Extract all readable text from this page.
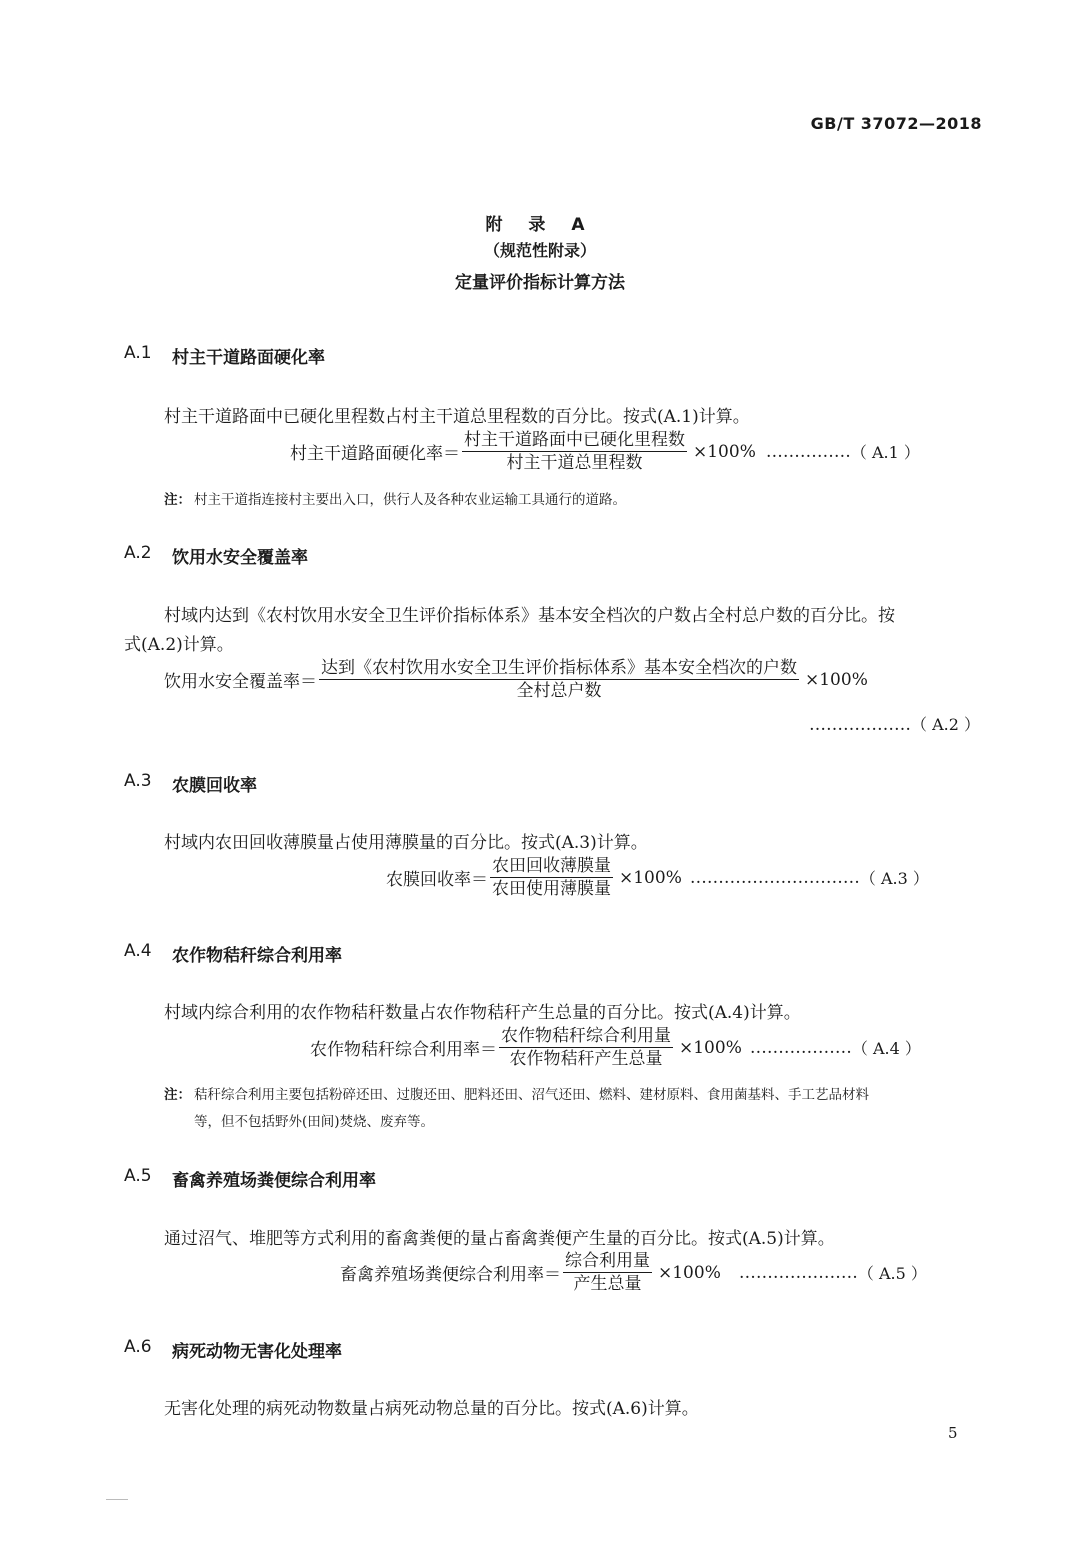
GB/T 37072—2018
附 录 A
（规范性附录）
定量评价指标计算方法
A.1 村主干道路面硬化率
村主干道路面中已硬化里程数占村主干道总里程数的百分比。按式(A.1)计算。
村主干道路面硬化率＝ $\frac{\text{村主干道路面中已硬化里程数}}{\text{村主干道总里程数}} \times 100\%$ …………… （ A.1 ）
注： 村主干道指连接村主要出入口，供行人及各种农业运输工具通行的道路。
A.2 饮用水安全覆盖率
村域内达到《农村饮用水安全卫生评价指标体系》基本安全档次的户数占全村总户数的百分比。按
式(A.2)计算。
饮用水安全覆盖率＝ $\frac{\text{达到《农村饮用水安全卫生评价指标体系》基本安全档次的户数}}{\text{全村总户数}} \times 100\%$
………………（ A.2 ）
A.3 农膜回收率
村域内农田回收薄膜量占使用薄膜量的百分比。按式(A.3)计算。
农膜回收率＝ $\frac{\text{农田回收薄膜量}}{\text{农田使用薄膜量}} \times 100\%$ ………………………… （ A.3 ）
A.4 农作物秸秆综合利用率
村域内综合利用的农作物秸秆数量占农作物秸秆产生总量的百分比。按式(A.4)计算。
农作物秸秆综合利用率＝ $\frac{\text{农作物秸秆综合利用量}}{\text{农作物秸秆产生总量}} \times 100\%$ ……………… （ A.4 ）
注： 秸秆综合利用主要包括粉碎还田、过腹还田、肥料还田、沼气还田、燃料、建材原料、食用菌基料、手工艺品材料
等，但不包括野外(田间)焚烧、废弃等。
A.5 畜禽养殖场粪便综合利用率
通过沼气、堆肥等方式利用的畜禽粪便的量占畜禽粪便产生量的百分比。按式(A.5)计算。
畜禽养殖场粪便综合利用率＝ $\frac{\text{综合利用量}}{\text{产生总量}} \times 100\%$ ………………… （ A.5 ）
A.6 病死动物无害化处理率
无害化处理的病死动物数量占病死动物总量的百分比。按式(A.6)计算。
5
